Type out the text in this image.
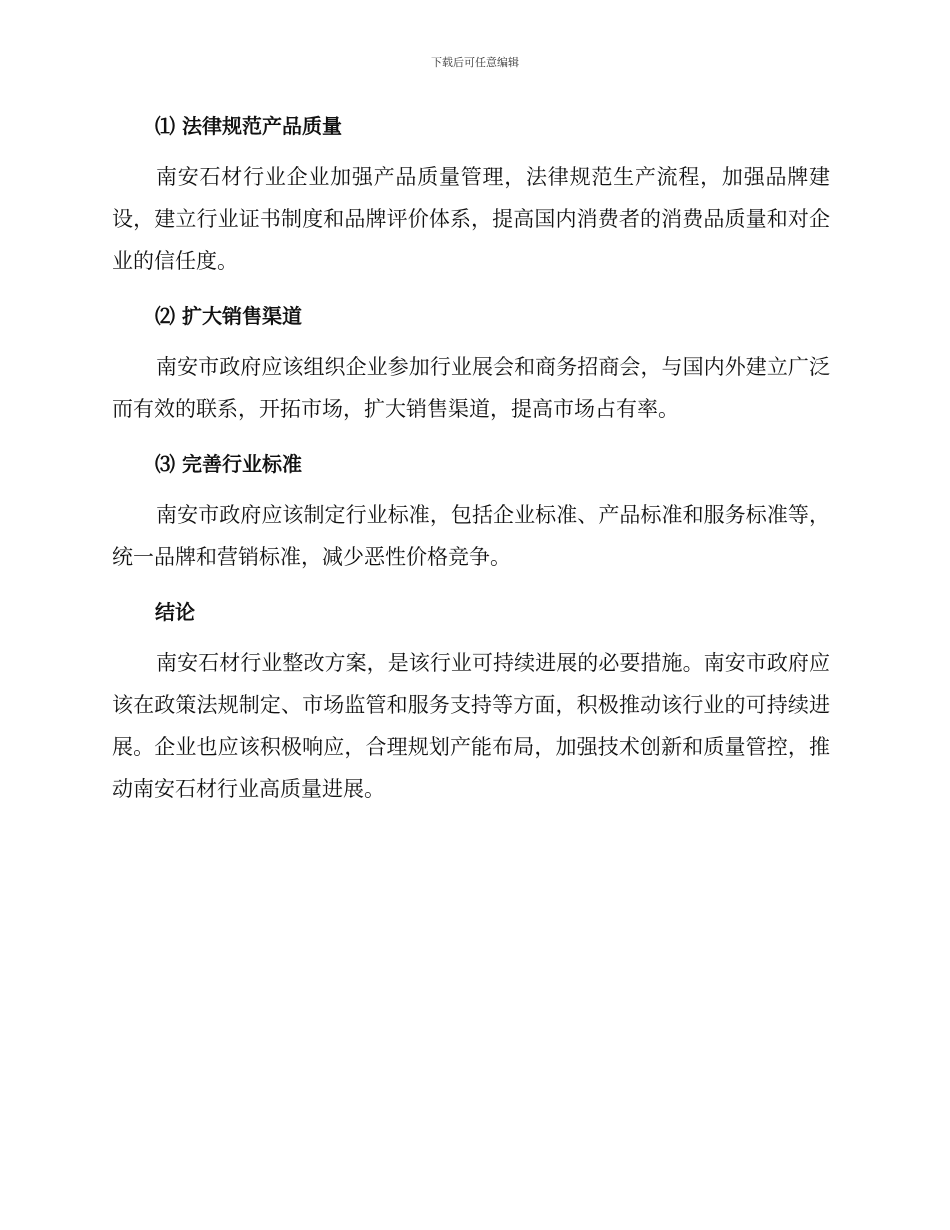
下载后可任意编辑
⑴ 法律规范产品质量

南安石材行业企业加强产品质量管理，法律规范生产流程，加强品牌建设，建立行业证书制度和品牌评价体系，提高国内消费者的消费品质量和对企业的信任度。

⑵ 扩大销售渠道

南安市政府应该组织企业参加行业展会和商务招商会，与国内外建立广泛而有效的联系，开拓市场，扩大销售渠道，提高市场占有率。

⑶ 完善行业标准

南安市政府应该制定行业标准，包括企业标准、产品标准和服务标准等，统一品牌和营销标准，减少恶性价格竞争。

结论

南安石材行业整改方案，是该行业可持续进展的必要措施。南安市政府应该在政策法规制定、市场监管和服务支持等方面，积极推动该行业的可持续进展。企业也应该积极响应，合理规划产能布局，加强技术创新和质量管控，推动南安石材行业高质量进展。
